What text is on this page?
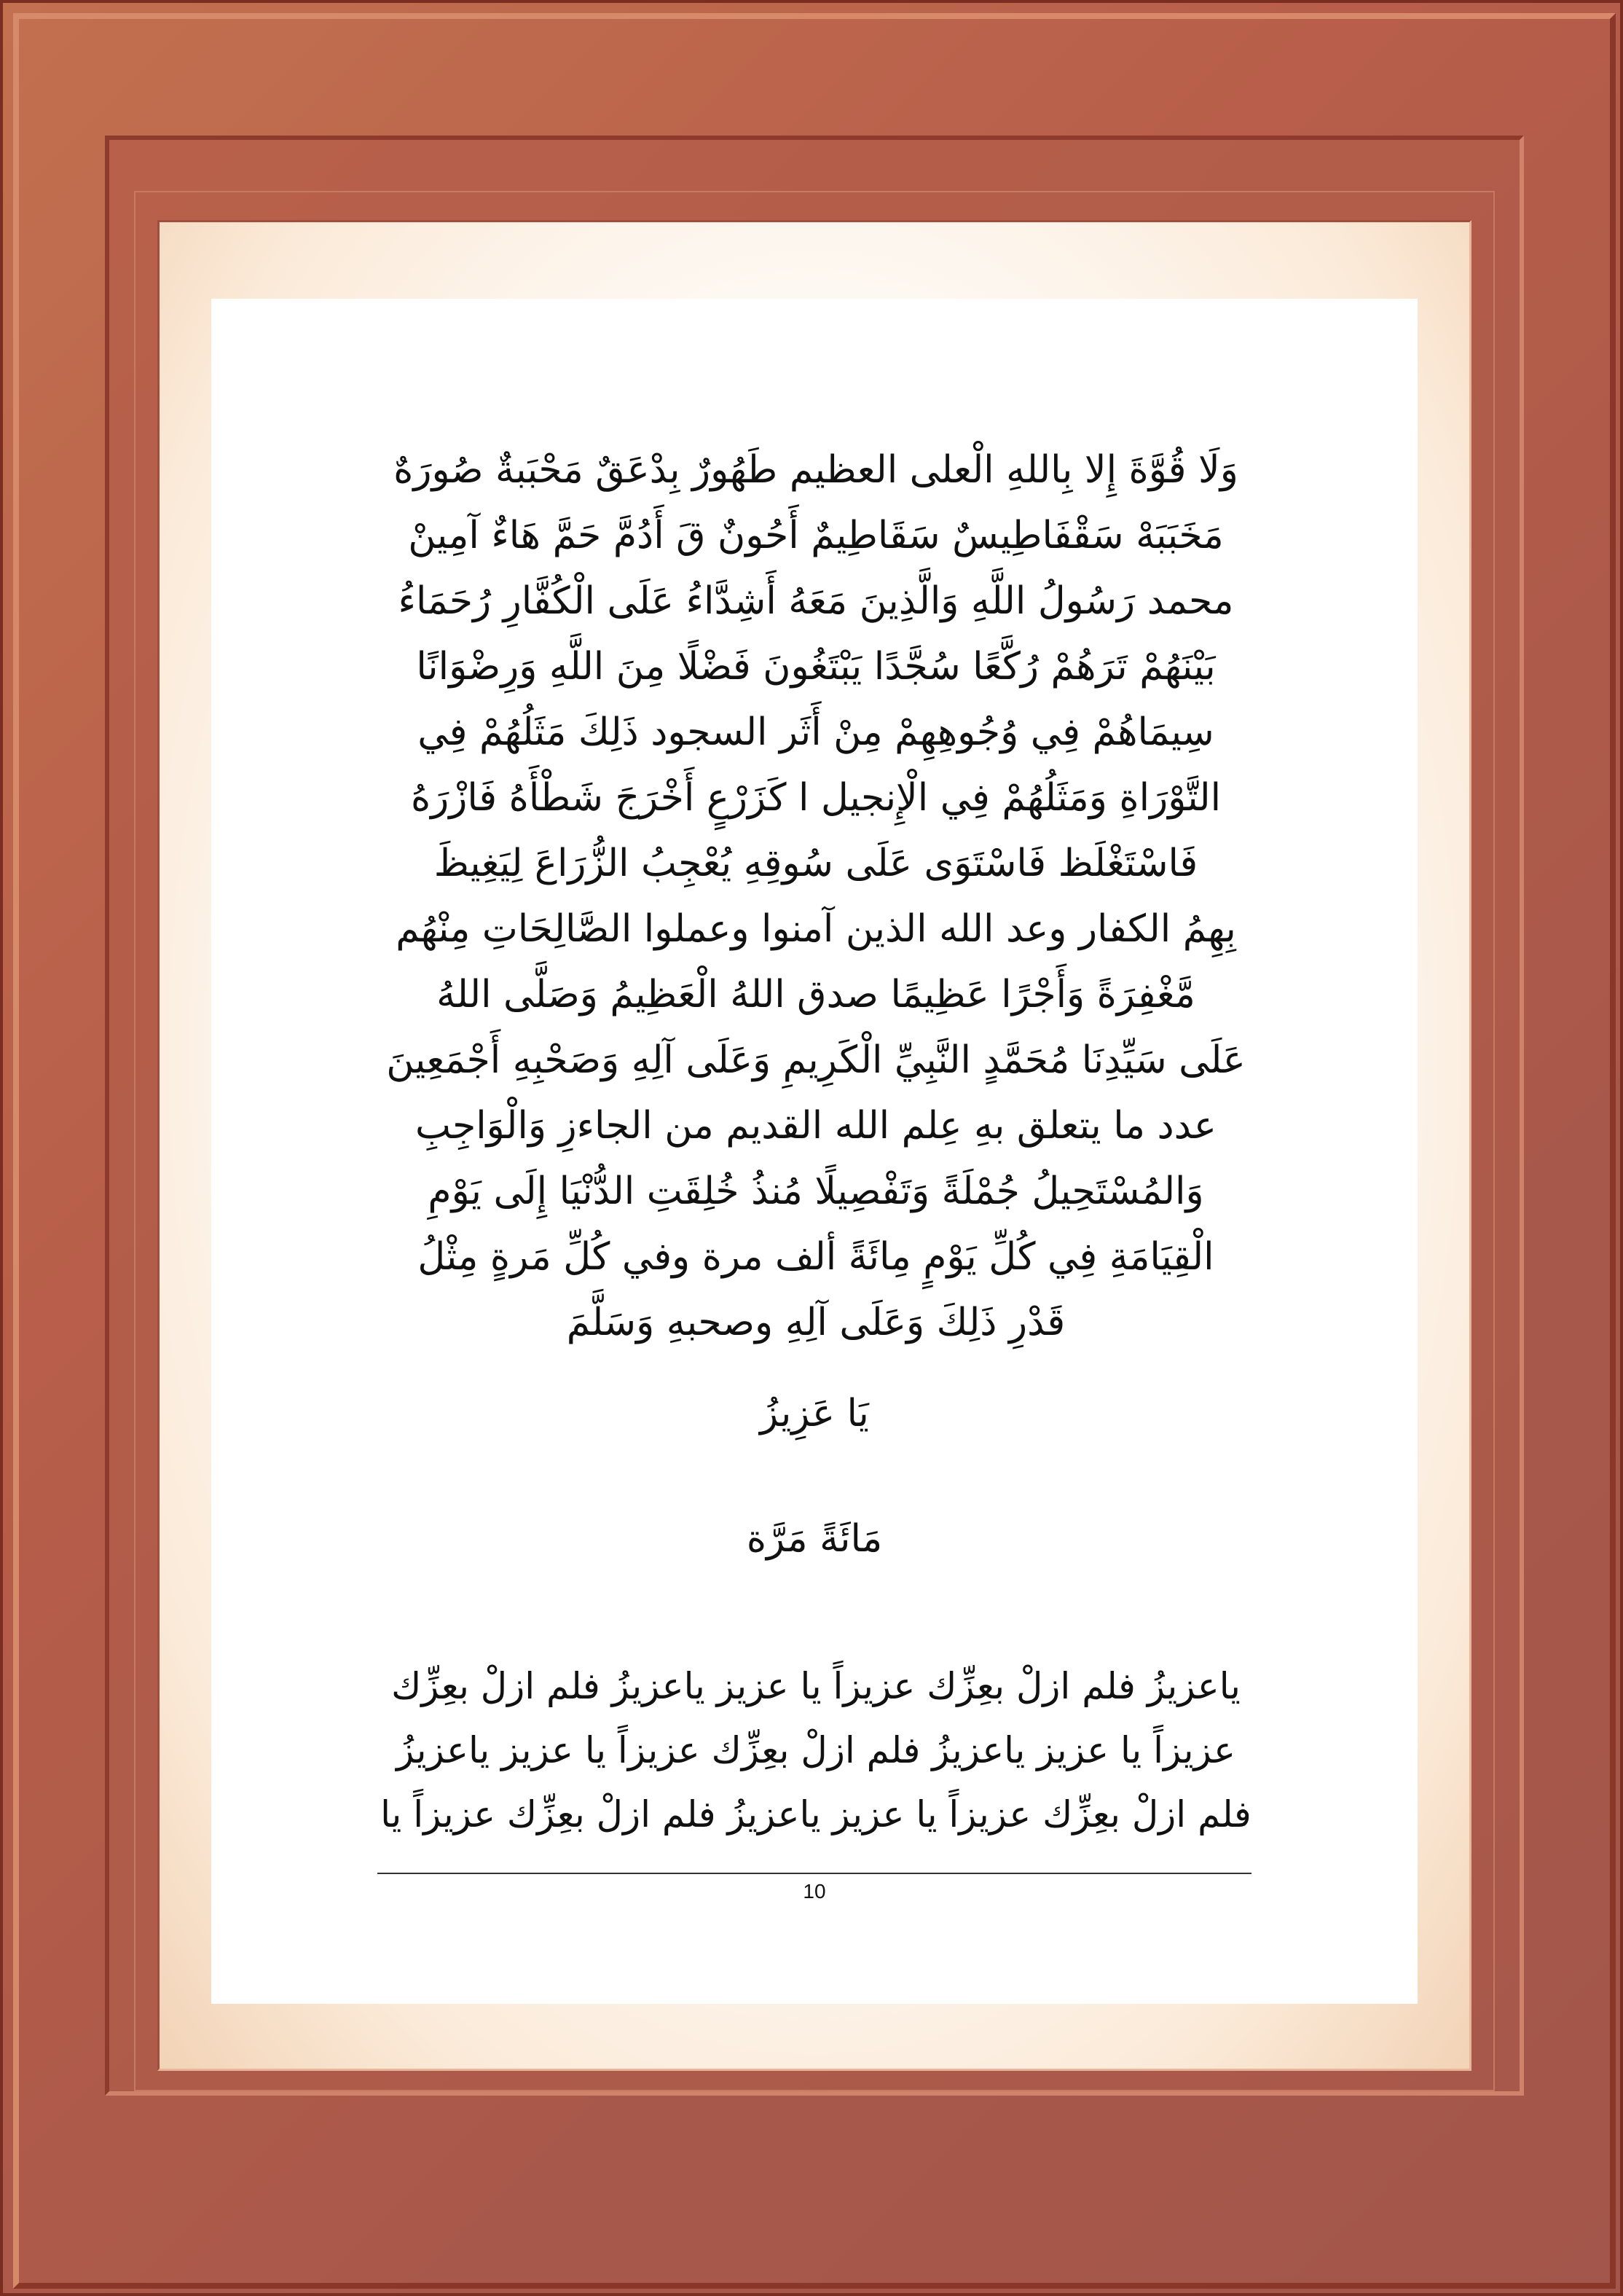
وَلَا قُوَّةَ إِلا بِاللهِ الْعلى العظيم طَهُورٌ بِدْعَقٌ مَحْبَبةٌ صُورَهٌ
مَخَبَبَهْ سَقْفَاطِيسٌ سَقَاطِيمٌ أَحُونٌ قَ أَدُمَّ حَمَّ هَاءٌ آمِينْ
محمد رَسُولُ اللَّهِ وَالَّذِينَ مَعَهُ أَشِدَّاءُ عَلَى الْكُفَّارِ رُحَمَاءُ
بَيْنَهُمْ تَرَهُمْ رُكَّعًا سُجَّدًا يَبْتَغُونَ فَضْلًا مِنَ اللَّهِ وَرِضْوَانًا
سِيمَاهُمْ فِي وُجُوهِهِمْ مِنْ أَثَر السجود ذَلِكَ مَثَلُهُمْ فِي
التَّوْرَاةِ وَمَثَلُهُمْ فِي الْإِنجيل ا كَزَرْعٍ أَخْرَجَ شَطْأَهُ فَازْرَهُ
فَاسْتَغْلَظ فَاسْتَوَى عَلَى سُوقِهِ يُعْجِبُ الزُّرَاعَ لِيَغِيظَ
بِهِمُ الكفار وعد الله الذين آمنوا وعملوا الصَّالِحَاتِ مِنْهُم
مَّغْفِرَةً وَأَجْرًا عَظِيمًا صدق اللهُ الْعَظِيمُ وَصَلَّى اللهُ
عَلَى سَيِّدِنَا مُحَمَّدٍ النَّبِيِّ الْكَرِيمِ وَعَلَى آلِهِ وَصَحْبِهِ أَجْمَعِينَ
عدد ما يتعلق بهِ عِلم الله القديم من الجاءزِ وَالْوَاجِبِ
وَالمُسْتَحِيلُ جُمْلَةً وَتَفْصِيلًا مُنذُ خُلِقَتِ الدُّنْيَا إِلَى يَوْمِ
الْقِيَامَةِ فِي كُلِّ يَوْمٍ مِائَةً ألف مرة وفي كُلِّ مَرةٍ مِثْلُ
قَدْرِ ذَلِكَ وَعَلَى آلِهِ وصحبهِ وَسَلَّمَ
يَا عَزِيزُ
مَائَةً مَرَّة
ياعزيزُ فلم ازلْ بعِزِّك عزيزاً يا عزيز ياعزيزُ فلم ازلْ بعِزِّك
عزيزاً يا عزيز ياعزيزُ فلم ازلْ بعِزِّك عزيزاً يا عزيز ياعزيزُ
فلم ازلْ بعِزِّك عزيزاً يا عزيز ياعزيزُ فلم ازلْ بعِزِّك عزيزاً يا
10
